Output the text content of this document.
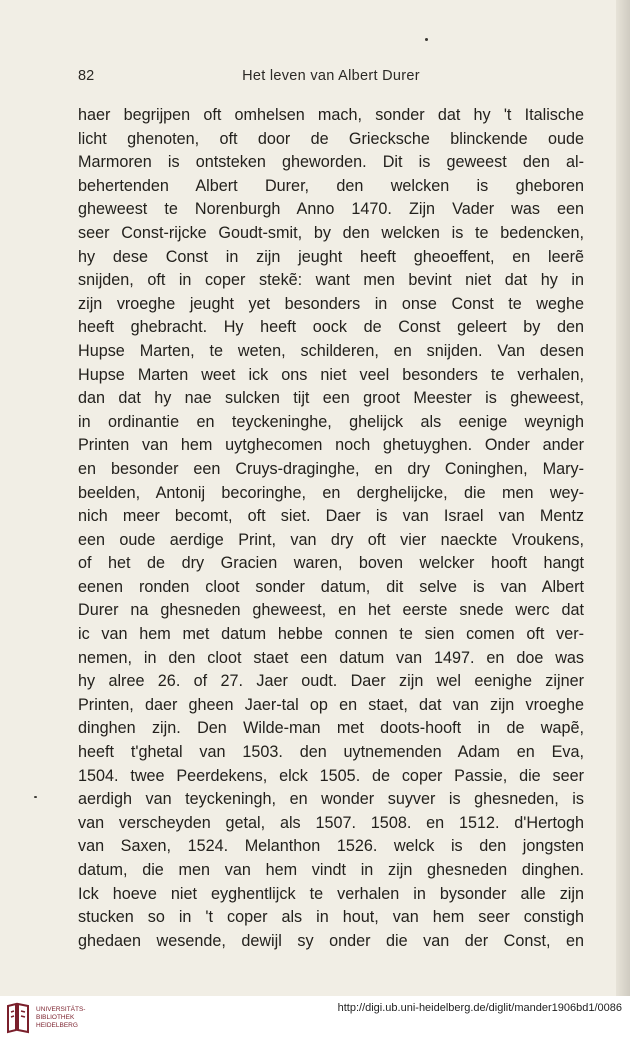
82	Het leven van Albert Durer
haer begrijpen oft omhelsen mach, sonder dat hy 't Italische
licht ghenoten, oft door de Griecksche blinckende oude
Marmoren is ontsteken gheworden. Dit is geweest den al-
behertenden Albert Durer, den welcken is gheboren
gheweest te Norenburgh Anno 1470. Zijn Vader was een
seer Const-rijcke Goudt-smit, by den welcken is te bedencken,
hy dese Const in zijn jeught heeft gheoeffent, en leerẽ
snijden, oft in coper stekẽ: want men bevint niet dat hy in
zijn vroeghe jeught yet besonders in onse Const te weghe
heeft ghebracht. Hy heeft oock de Const geleert by den
Hupse Marten, te weten, schilderen, en snijden. Van desen
Hupse Marten weet ick ons niet veel besonders te verhalen,
dan dat hy nae sulcken tijt een groot Meester is gheweest,
in ordinantie en teyckeninghe, ghelijck als eenige weynigh
Printen van hem uytghecomen noch ghetuyghen. Onder ander
en besonder een Cruys-draginghe, en dry Coninghen, Mary-
beelden, Antonij becoringhe, en derghelijcke, die men wey-
nich meer becomt, oft siet. Daer is van Israel van Mentz
een oude aerdige Print, van dry oft vier naeckte Vroukens,
of het de dry Gracien waren, boven welcker hooft hangt
eenen ronden cloot sonder datum, dit selve is van Albert
Durer na ghesneden gheweest, en het eerste snede werc dat
ic van hem met datum hebbe connen te sien comen oft ver-
nemen, in den cloot staet een datum van 1497. en doe was
hy alree 26. of 27. Jaer oudt. Daer zijn wel eenighe zijner
Printen, daer gheen Jaer-tal op en staet, dat van zijn vroeghe
dinghen zijn. Den Wilde-man met doots-hooft in de wapẽ,
heeft t'ghetal van 1503. den uytnemenden Adam en Eva,
1504. twee Peerdekens, elck 1505. de coper Passie, die seer
aerdigh van teyckeningh, en wonder suyver is ghesneden, is
van verscheyden getal, als 1507. 1508. en 1512. d'Hertogh
van Saxen, 1524. Melanthon 1526. welck is den jongsten
datum, die men van hem vindt in zijn ghesneden dinghen.
Ick hoeve niet eyghentlijck te verhalen in bysonder alle zijn
stucken so in 't coper als in hout, van hem seer constigh
ghedaen wesende, dewijl sy onder die van der Const, en
UNIVERSITÄTS-
BIBLIOTHEK
HEIDELBERG
http://digi.ub.uni-heidelberg.de/diglit/mander1906bd1/0086
